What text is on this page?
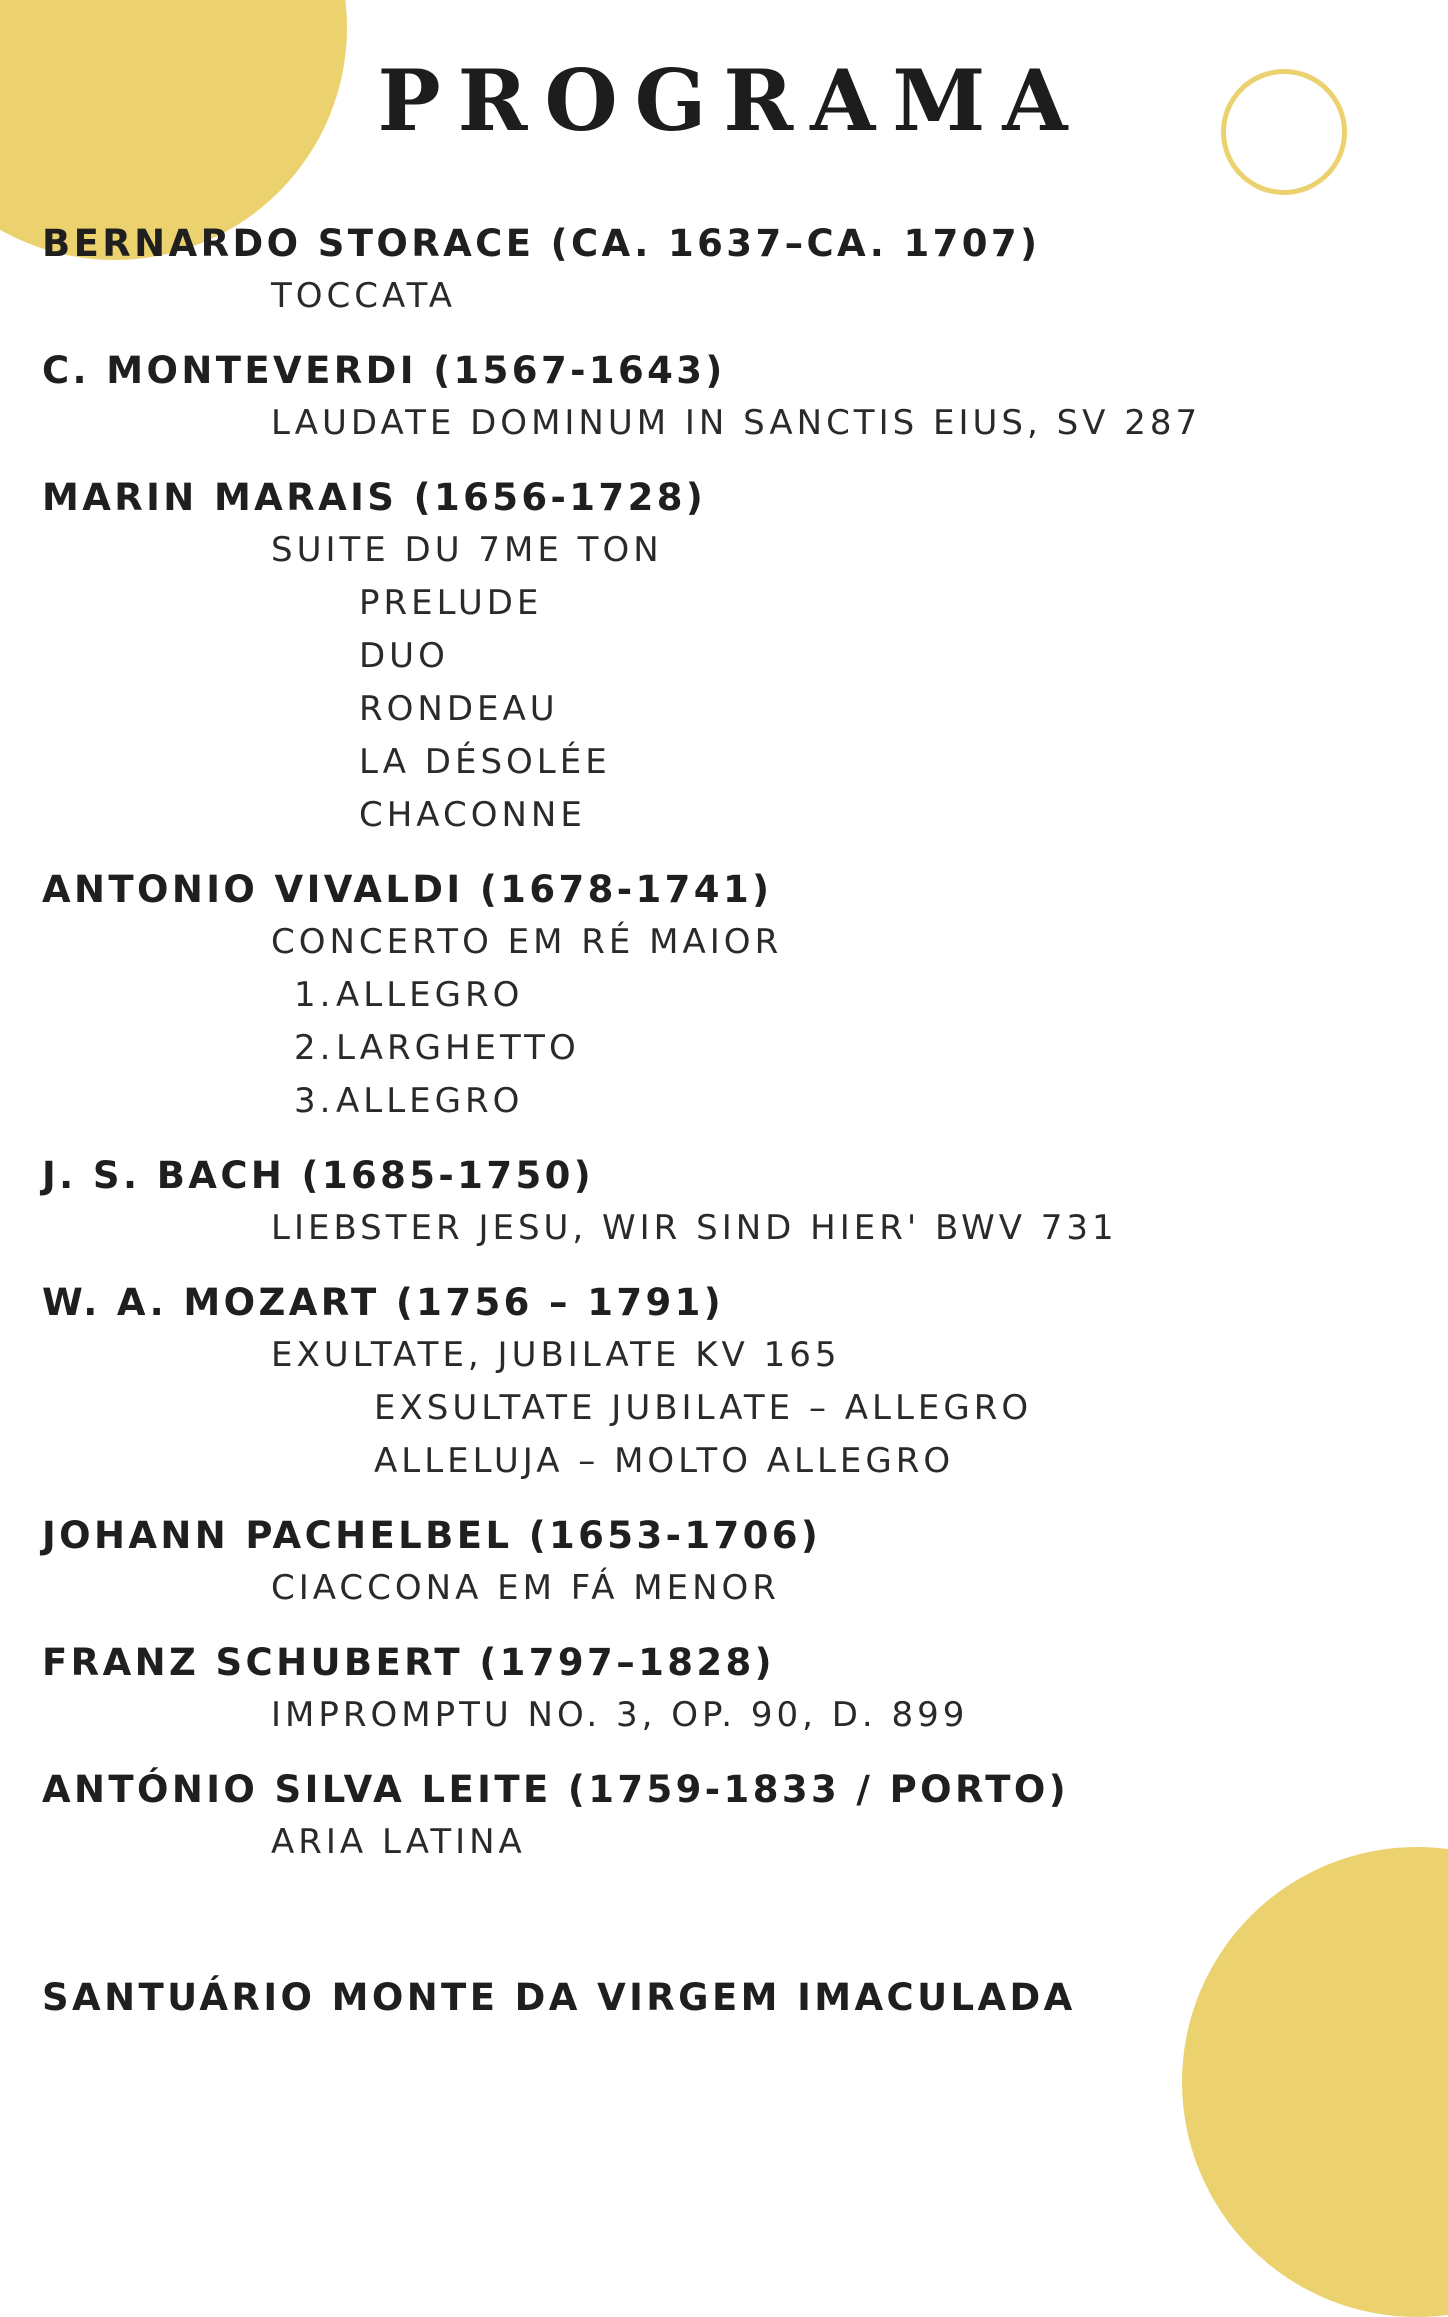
PROGRAMA
BERNARDO STORACE (CA. 1637–CA. 1707)
TOCCATA
C. MONTEVERDI (1567-1643)
LAUDATE DOMINUM IN SANCTIS EIUS, SV 287
MARIN MARAIS (1656-1728)
SUITE DU 7ME TON
PRELUDE
DUO
RONDEAU
LA DÉSOLÉE
CHACONNE
ANTONIO VIVALDI (1678-1741)
CONCERTO EM RÉ MAIOR
1.ALLEGRO
2.LARGHETTO
3.ALLEGRO
J. S. BACH (1685-1750)
LIEBSTER JESU, WIR SIND HIER' BWV 731
W. A. MOZART (1756 – 1791)
EXULTATE, JUBILATE KV 165
EXSULTATE JUBILATE – ALLEGRO
ALLELUJA – MOLTO ALLEGRO
JOHANN PACHELBEL (1653-1706)
CIACCONA EM FÁ MENOR
FRANZ SCHUBERT (1797–1828)
IMPROMPTU NO. 3, OP. 90, D. 899
ANTÓNIO SILVA LEITE (1759-1833 / PORTO)
ARIA LATINA
SANTUÁRIO MONTE DA VIRGEM IMACULADA
